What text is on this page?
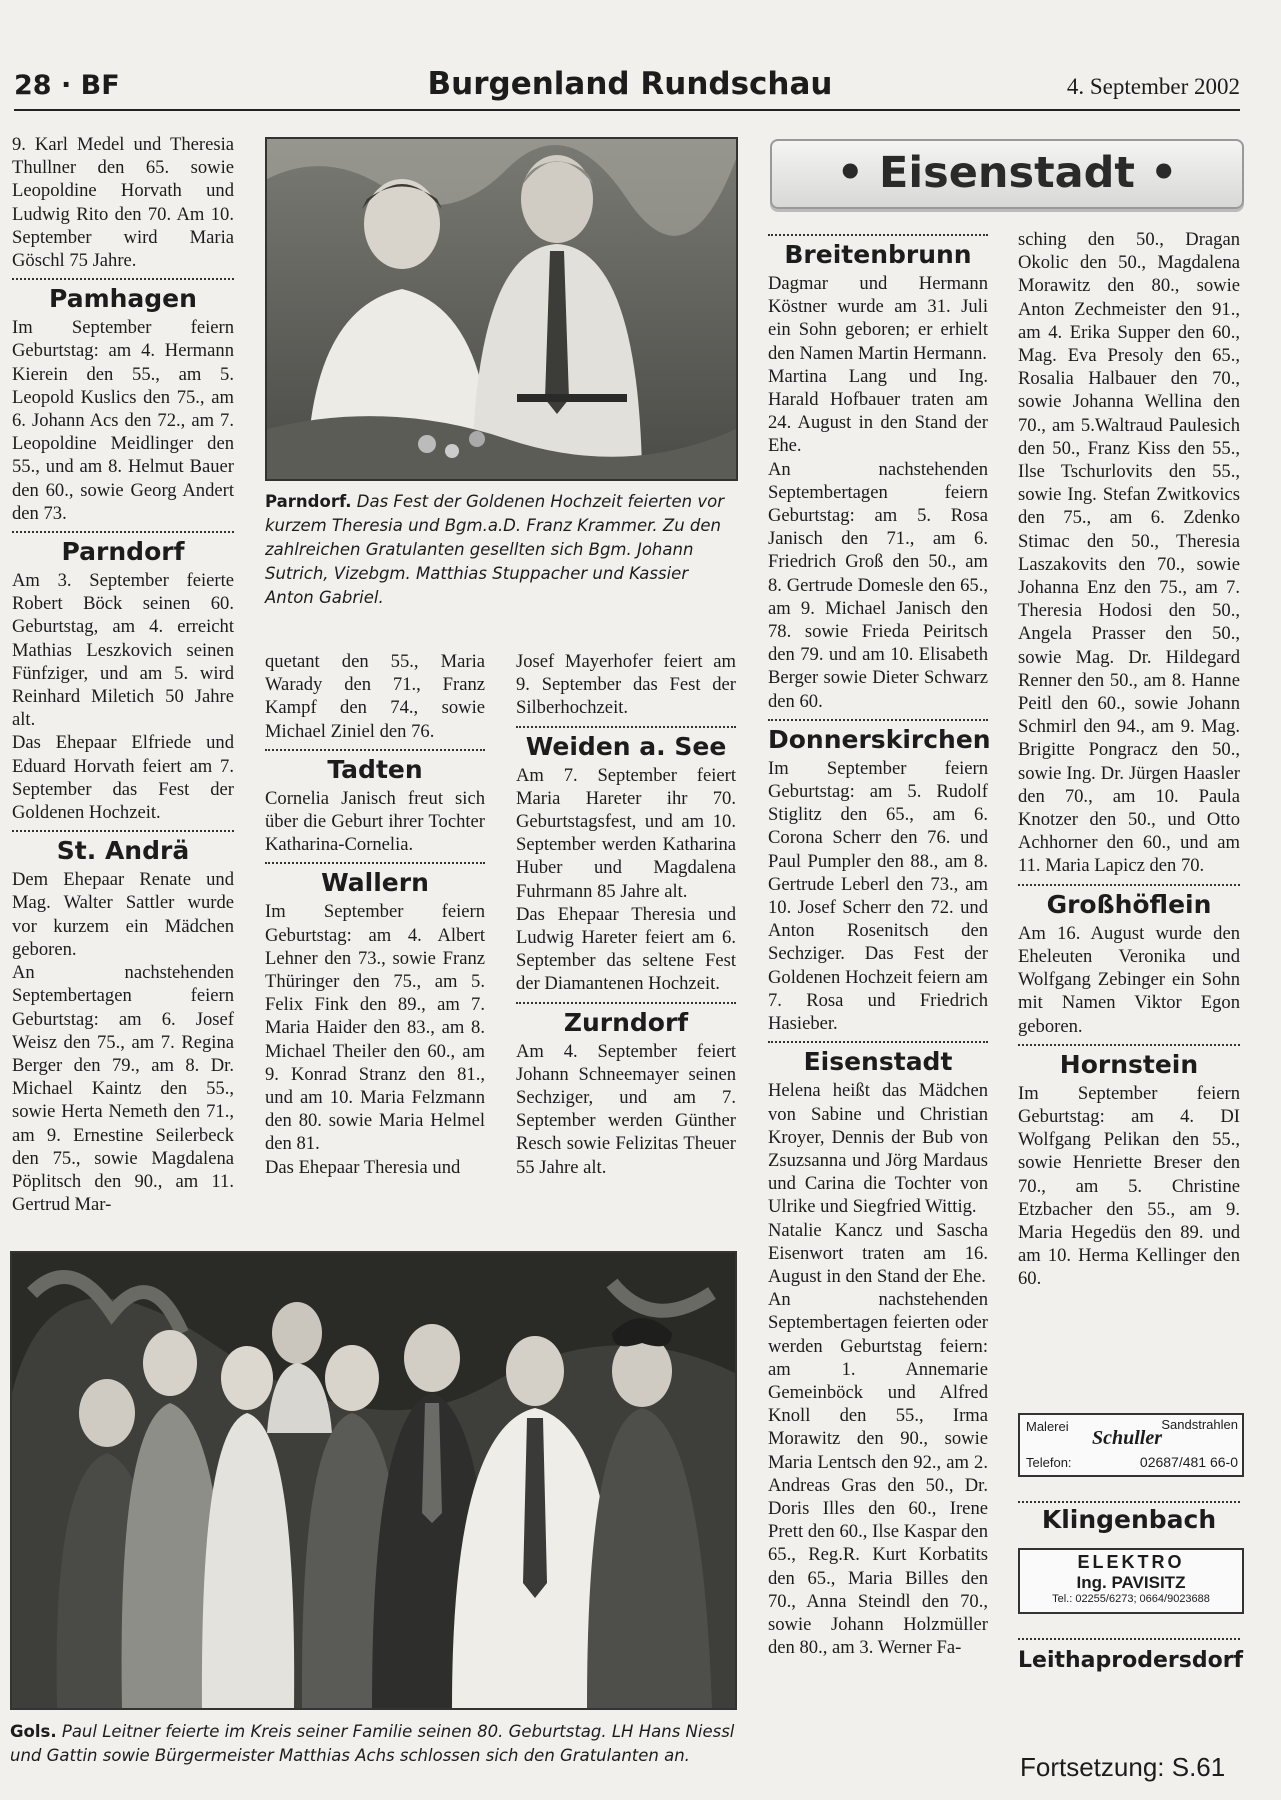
28 · BF	Burgenland Rundschau	4. September 2002

9. Karl Medel und Theresia Thullner den 65. sowie Leopoldine Horvath und Ludwig Rito den 70. Am 10. September wird Maria Göschl 75 Jahre.

Pamhagen

Im September feiern Geburtstag: am 4. Hermann Kierein den 55., am 5. Leopold Kuslics den 75., am 6. Johann Acs den 72., am 7. Leopoldine Meidlinger den 55., und am 8. Helmut Bauer den 60., sowie Georg Andert den 73.

Parndorf

Am 3. September feierte Robert Böck seinen 60. Geburtstag, am 4. erreicht Mathias Leszkovich seinen Fünfziger, und am 5. wird Reinhard Miletich 50 Jahre alt.

Das Ehepaar Elfriede und Eduard Horvath feiert am 7. September das Fest der Goldenen Hochzeit.

St. Andrä

Dem Ehepaar Renate und Mag. Walter Sattler wurde vor kurzem ein Mädchen geboren.

An nachstehenden Septembertagen feiern Geburtstag: am 6. Josef Weisz den 75., am 7. Regina Berger den 79., am 8. Dr. Michael Kaintz den 55., sowie Herta Nemeth den 71., am 9. Ernestine Seilerbeck den 75., sowie Magdalena Pöplitsch den 90., am 11. Gertrud Mar-

Parndorf. Das Fest der Goldenen Hochzeit feierten vor kurzem Theresia und Bgm.a.D. Franz Krammer. Zu den zahlreichen Gratulanten gesellten sich Bgm. Johann Sutrich, Vizebgm. Matthias Stuppacher und Kassier Anton Gabriel.

quetant den 55., Maria Warady den 71., Franz Kampf den 74., sowie Michael Ziniel den 76.

Tadten

Cornelia Janisch freut sich über die Geburt ihrer Tochter Katharina-Cornelia.

Wallern

Im September feiern Geburtstag: am 4. Albert Lehner den 73., sowie Franz Thüringer den 75., am 5. Felix Fink den 89., am 7. Maria Haider den 83., am 8. Michael Theiler den 60., am 9. Konrad Stranz den 81., und am 10. Maria Felzmann den 80. sowie Maria Helmel den 81.

Das Ehepaar Theresia und

Josef Mayerhofer feiert am 9. September das Fest der Silberhochzeit.

Weiden a. See

Am 7. September feiert Maria Hareter ihr 70. Geburtstagsfest, und am 10. September werden Katharina Huber und Magdalena Fuhrmann 85 Jahre alt.

Das Ehepaar Theresia und Ludwig Hareter feiert am 6. September das seltene Fest der Diamantenen Hochzeit.

Zurndorf

Am 4. September feiert Johann Schneemayer seinen Sechziger, und am 7. September werden Günther Resch sowie Felizitas Theuer 55 Jahre alt.

Gols. Paul Leitner feierte im Kreis seiner Familie seinen 80. Geburtstag. LH Hans Niessl und Gattin sowie Bürgermeister Matthias Achs schlossen sich den Gratulanten an.
• Eisenstadt •
Breitenbrunn

Dagmar und Hermann Köstner wurde am 31. Juli ein Sohn geboren; er erhielt den Namen Martin Hermann.

Martina Lang und Ing. Harald Hofbauer traten am 24. August in den Stand der Ehe.

An nachstehenden Septembertagen feiern Geburtstag: am 5. Rosa Janisch den 71., am 6. Friedrich Groß den 50., am 8. Gertrude Domesle den 65., am 9. Michael Janisch den 78. sowie Frieda Peiritsch den 79. und am 10. Elisabeth Berger sowie Dieter Schwarz den 60.

Donnerskirchen

Im September feiern Geburtstag: am 5. Rudolf Stiglitz den 65., am 6. Corona Scherr den 76. und Paul Pumpler den 88., am 8. Gertrude Leberl den 73., am 10. Josef Scherr den 72. und Anton Rosenitsch den Sechziger. Das Fest der Goldenen Hochzeit feiern am 7. Rosa und Friedrich Hasieber.

Eisenstadt

Helena heißt das Mädchen von Sabine und Christian Kroyer, Dennis der Bub von Zsuzsanna und Jörg Mardaus und Carina die Tochter von Ulrike und Siegfried Wittig.

Natalie Kancz und Sascha Eisenwort traten am 16. August in den Stand der Ehe.

An nachstehenden Septembertagen feierten oder werden Geburtstag feiern: am 1. Annemarie Gemeinböck und Alfred Knoll den 55., Irma Morawitz den 90., sowie Maria Lentsch den 92., am 2. Andreas Gras den 50., Dr. Doris Illes den 60., Irene Prett den 60., Ilse Kaspar den 65., Reg.R. Kurt Korbatits den 65., Maria Billes den 70., Anna Steindl den 70., sowie Johann Holzmüller den 80., am 3. Werner Fa-

sching den 50., Dragan Okolic den 50., Magdalena Morawitz den 80., sowie Anton Zechmeister den 91., am 4. Erika Supper den 60., Mag. Eva Presoly den 65., Rosalia Halbauer den 70., sowie Johanna Wellina den 70., am 5.Waltraud Paulesich den 50., Franz Kiss den 55., Ilse Tschurlovits den 55., sowie Ing. Stefan Zwitkovics den 75., am 6. Zdenko Stimac den 50., Theresia Laszakovits den 70., sowie Johanna Enz den 75., am 7. Theresia Hodosi den 50., Angela Prasser den 50., sowie Mag. Dr. Hildegard Renner den 50., am 8. Hanne Peitl den 60., sowie Johann Schmirl den 94., am 9. Mag. Brigitte Pongracz den 50., sowie Ing. Dr. Jürgen Haasler den 70., am 10. Paula Knotzer den 50., und Otto Achhorner den 60., und am 11. Maria Lapicz den 70.

Großhöflein

Am 16. August wurde den Eheleuten Veronika und Wolfgang Zebinger ein Sohn mit Namen Viktor Egon geboren.

Hornstein

Im September feiern Geburtstag: am 4. DI Wolfgang Pelikan den 55., sowie Henriette Breser den 70., am 5. Christine Etzbacher den 55., am 9. Maria Hegedüs den 89. und am 10. Herma Kellinger den 60.

Malerei	Sandstrahlen
Schuller
Telefon:	02687/481 66-0
Klingenbach
ELEKTRO
Ing. PAVISITZ
Tel.: 02255/6273; 0664/9023688
Leithaprodersdorf
Fortsetzung: S.61
